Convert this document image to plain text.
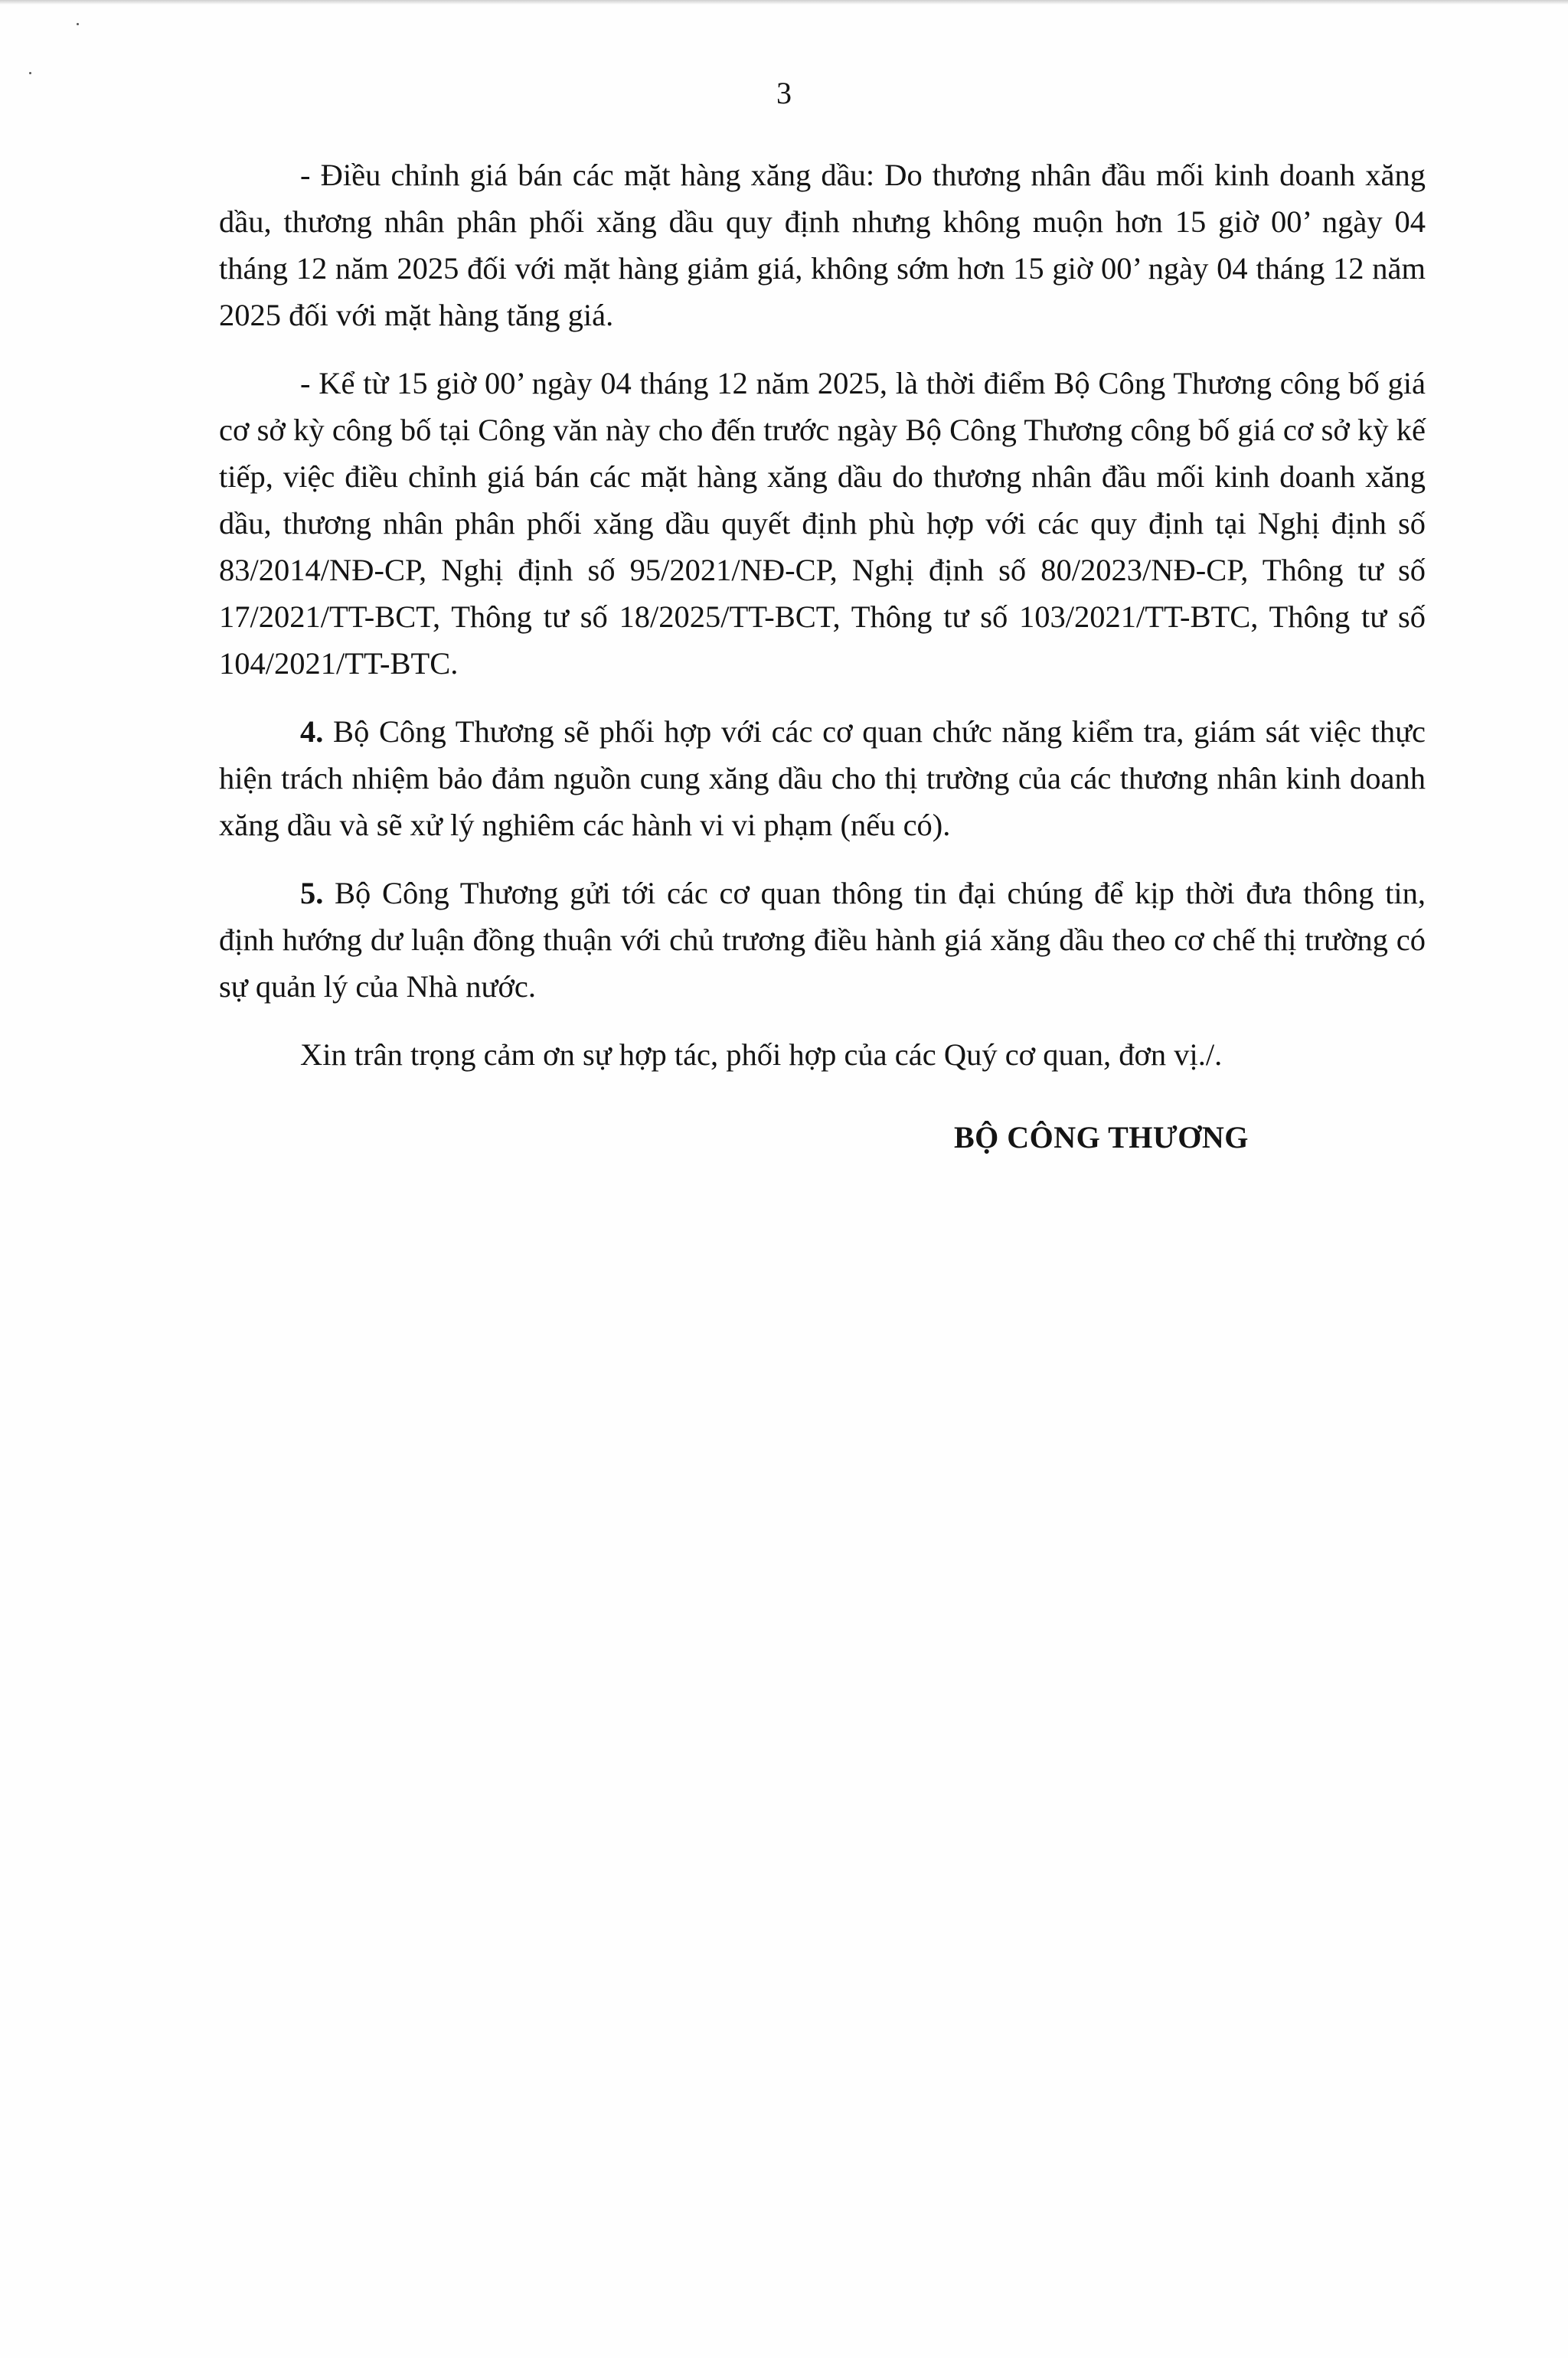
3

- Điều chỉnh giá bán các mặt hàng xăng dầu: Do thương nhân đầu mối kinh doanh xăng dầu, thương nhân phân phối xăng dầu quy định nhưng không muộn hơn 15 giờ 00’ ngày 04 tháng 12 năm 2025 đối với mặt hàng giảm giá, không sớm hơn 15 giờ 00’ ngày 04 tháng 12 năm 2025 đối với mặt hàng tăng giá.

- Kể từ 15 giờ 00’ ngày 04 tháng 12 năm 2025, là thời điểm Bộ Công Thương công bố giá cơ sở kỳ công bố tại Công văn này cho đến trước ngày Bộ Công Thương công bố giá cơ sở kỳ kế tiếp, việc điều chỉnh giá bán các mặt hàng xăng dầu do thương nhân đầu mối kinh doanh xăng dầu, thương nhân phân phối xăng dầu quyết định phù hợp với các quy định tại Nghị định số 83/2014/NĐ-CP, Nghị định số 95/2021/NĐ-CP, Nghị định số 80/2023/NĐ-CP, Thông tư số 17/2021/TT-BCT, Thông tư số 18/2025/TT-BCT, Thông tư số 103/2021/TT-BTC, Thông tư số 104/2021/TT-BTC.

4. Bộ Công Thương sẽ phối hợp với các cơ quan chức năng kiểm tra, giám sát việc thực hiện trách nhiệm bảo đảm nguồn cung xăng dầu cho thị trường của các thương nhân kinh doanh xăng dầu và sẽ xử lý nghiêm các hành vi vi phạm (nếu có).

5. Bộ Công Thương gửi tới các cơ quan thông tin đại chúng để kịp thời đưa thông tin, định hướng dư luận đồng thuận với chủ trương điều hành giá xăng dầu theo cơ chế thị trường có sự quản lý của Nhà nước.

Xin trân trọng cảm ơn sự hợp tác, phối hợp của các Quý cơ quan, đơn vị./.

BỘ CÔNG THƯƠNG
